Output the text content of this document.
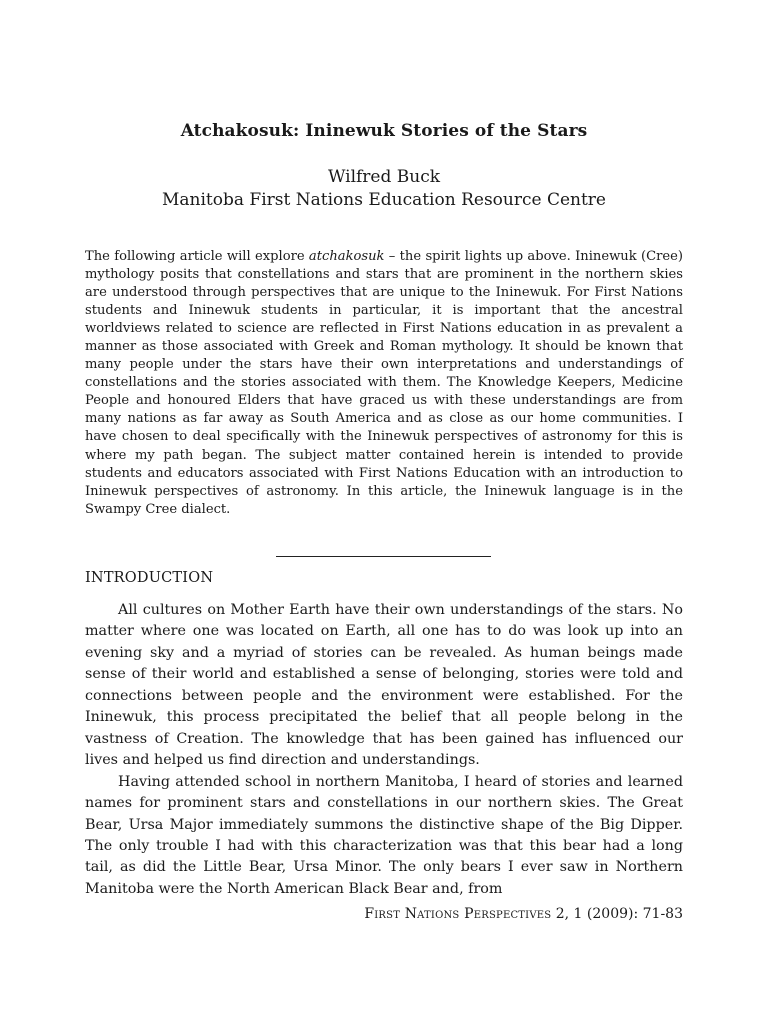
Atchakosuk: Ininewuk Stories of the Stars
Wilfred Buck
Manitoba First Nations Education Resource Centre

The following article will explore atchakosuk – the spirit lights up above. Ininewuk (Cree) mythology posits that constellations and stars that are prominent in the northern skies are understood through perspectives that are unique to the Ininewuk. For First Nations students and Ininewuk students in particular, it is important that the ancestral worldviews related to science are reflected in First Nations education in as prevalent a manner as those associated with Greek and Roman mythology. It should be known that many people under the stars have their own interpretations and understandings of constellations and the stories associated with them. The Knowledge Keepers, Medicine People and honoured Elders that have graced us with these understandings are from many nations as far away as South America and as close as our home communities. I have chosen to deal specifically with the Ininewuk perspectives of astronomy for this is where my path began. The subject matter contained herein is intended to provide students and educators associated with First Nations Education with an introduction to Ininewuk perspectives of astronomy. In this article, the Ininewuk language is in the Swampy Cree dialect.

INTRODUCTION

All cultures on Mother Earth have their own understandings of the stars. No matter where one was located on Earth, all one has to do was look up into an evening sky and a myriad of stories can be revealed. As human beings made sense of their world and established a sense of belonging, stories were told and connections between people and the environment were established. For the Ininewuk, this process precipitated the belief that all people belong in the vastness of Creation. The knowledge that has been gained has influenced our lives and helped us find direction and understandings.

Having attended school in northern Manitoba, I heard of stories and learned names for prominent stars and constellations in our northern skies. The Great Bear, Ursa Major immediately summons the distinctive shape of the Big Dipper. The only trouble I had with this characterization was that this bear had a long tail, as did the Little Bear, Ursa Minor. The only bears I ever saw in Northern Manitoba were the North American Black Bear and, from

First Nations Perspectives 2, 1 (2009): 71-83
